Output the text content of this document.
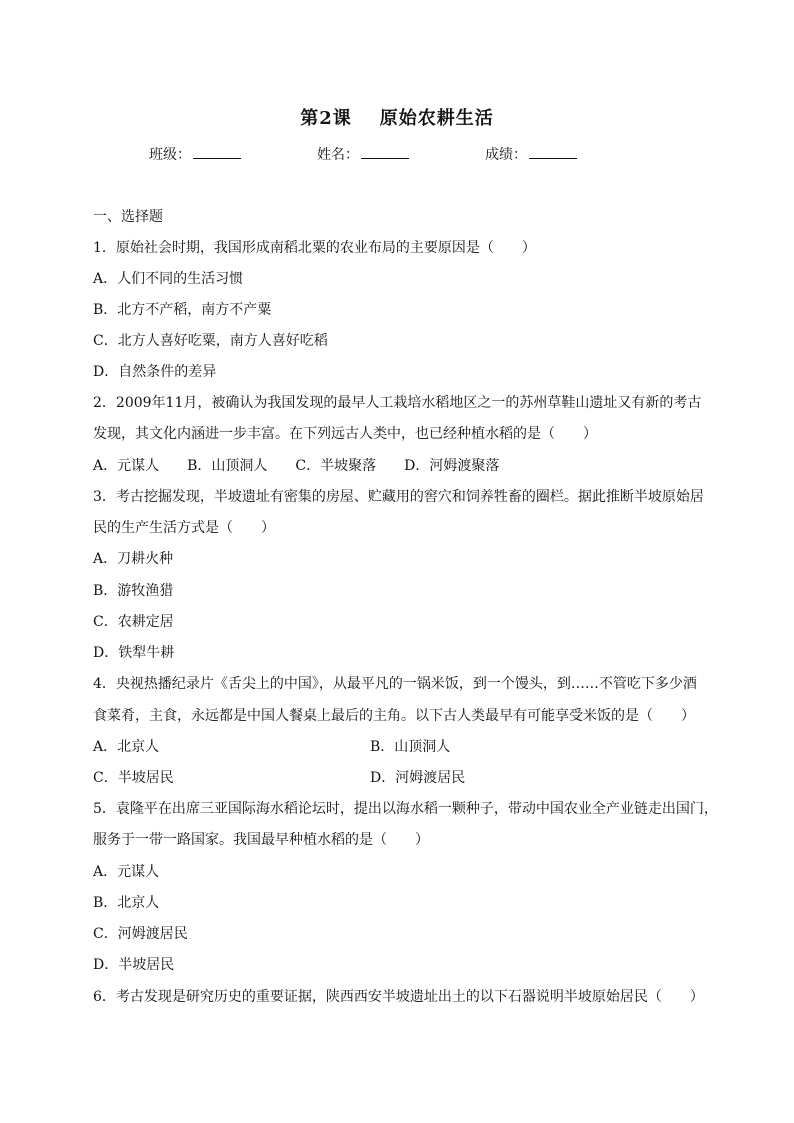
第2课 原始农耕生活
班级：	姓名：	成绩：
一、选择题
1．原始社会时期，我国形成南稻北粟的农业布局的主要原因是（　　）
A．人们不同的生活习惯
B．北方不产稻，南方不产粟
C．北方人喜好吃粟，南方人喜好吃稻
D．自然条件的差异
2．2009年11月，被确认为我国发现的最早人工栽培水稻地区之一的苏州草鞋山遗址又有新的考古
发现，其文化内涵进一步丰富。在下列远古人类中，也已经种植水稻的是（　　）
A．元谋人　　B．山顶洞人　　C．半坡聚落　　D．河姆渡聚落
3．考古挖掘发现，半坡遗址有密集的房屋、贮藏用的窖穴和饲养牲畜的圈栏。据此推断半坡原始居
民的生产生活方式是（　　）
A．刀耕火种
B．游牧渔猎
C．农耕定居
D．铁犁牛耕
4．央视热播纪录片《舌尖上的中国》，从最平凡的一锅米饭，到一个馒头，到……不管吃下多少酒
食菜肴，主食，永远都是中国人餐桌上最后的主角。以下古人类最早有可能享受米饭的是（　　）
A．北京人	B．山顶洞人
C．半坡居民	D．河姆渡居民
5．袁隆平在出席三亚国际海水稻论坛时，提出以海水稻一颗种子，带动中国农业全产业链走出国门，
服务于一带一路国家。我国最早种植水稻的是（　　）
A．元谋人
B．北京人
C．河姆渡居民
D．半坡居民
6．考古发现是研究历史的重要证据，陕西西安半坡遗址出土的以下石器说明半坡原始居民（　　）
